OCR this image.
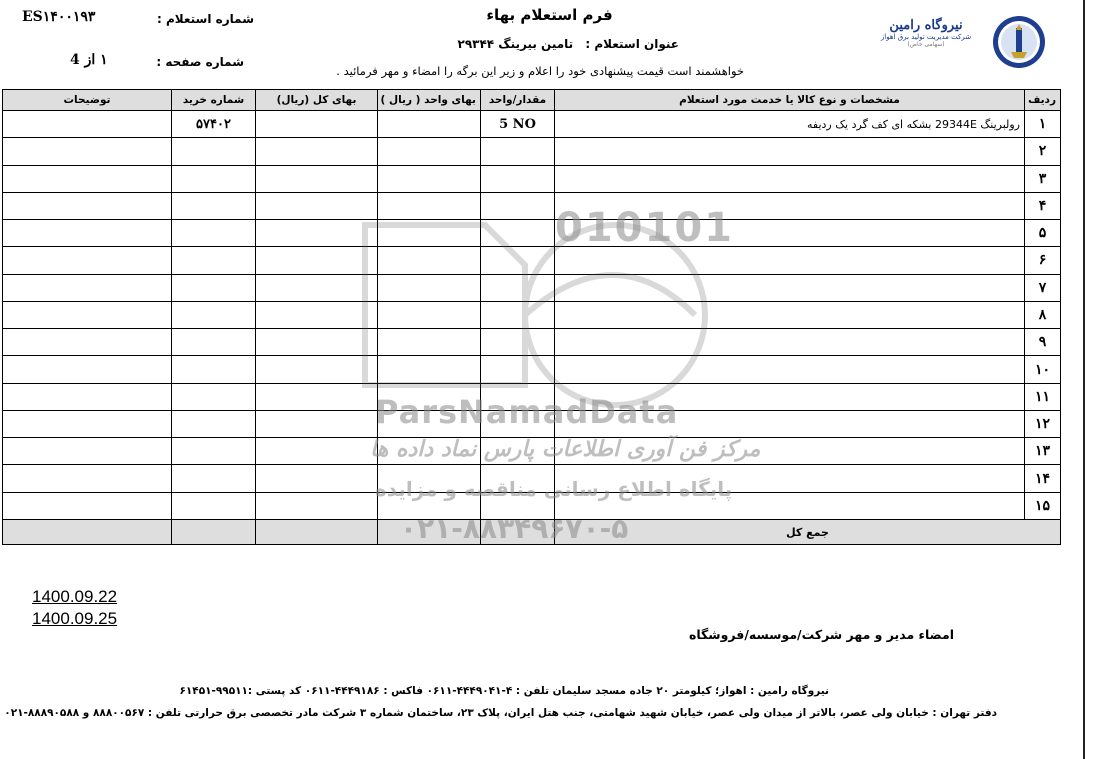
فرم استعلام بهاء
شماره استعلام :
ES۱۴۰۰۱۹۳
شماره صفحه :
۱ از 4
عنوان استعلام : تامین بیرینگ ۲۹۳۴۴
خواهشمند است قیمت پیشنهادی خود را اعلام و زیر این برگه را امضاء و مهر فرمائید .
نیروگاه رامین
شرکت مدیریت تولید برق اهواز
(سهامی خاص)
ردیف	مشخصات و نوع کالا یا خدمت مورد استعلام	مقدار/واحد	بهای واحد ( ریال )	بهای کل (ریال)	شماره خرید	توضیحات
۱	رولبرینگ 29344E بشکه ای کف گرد یک ردیفه	5 NO			۵۷۴۰۲	
۲						
۳						
۴						
۵						
۶						
۷						
۸						
۹						
۱۰						
۱۱						
۱۲						
۱۳						
۱۴						
۱۵						
جمع کل						
010101
ParsNamadData
مرکز فن آوری اطلاعات پارس نماد داده ها
پایگاه اطلاع رسانی مناقصه و مزایده
۰۲۱-۸۸۳۴۹۶۷۰-۵
1400.09.22
1400.09.25
امضاء مدیر و مهر شرکت/موسسه/فروشگاه
نیروگاه رامین : اهواز؛ کیلومتر ۲۰ جاده مسجد سلیمان تلفن : ۴-۴۴۴۹۰۴۱-۰۶۱۱ فاکس : ۴۴۴۹۱۸۶-۰۶۱۱ کد پستی :۹۹۵۱۱-۶۱۴۵۱
دفتر تهران : خیابان ولی عصر، بالاتر از میدان ولی عصر، خیابان شهید شهامتی، جنب هتل ایران، پلاک ۲۳، ساختمان شماره ۳ شرکت مادر تخصصی برق حرارتی تلفن : ۸۸۸۰۰۵۶۷ و ۸۸۸۹۰۵۸۸-۰۲۱
